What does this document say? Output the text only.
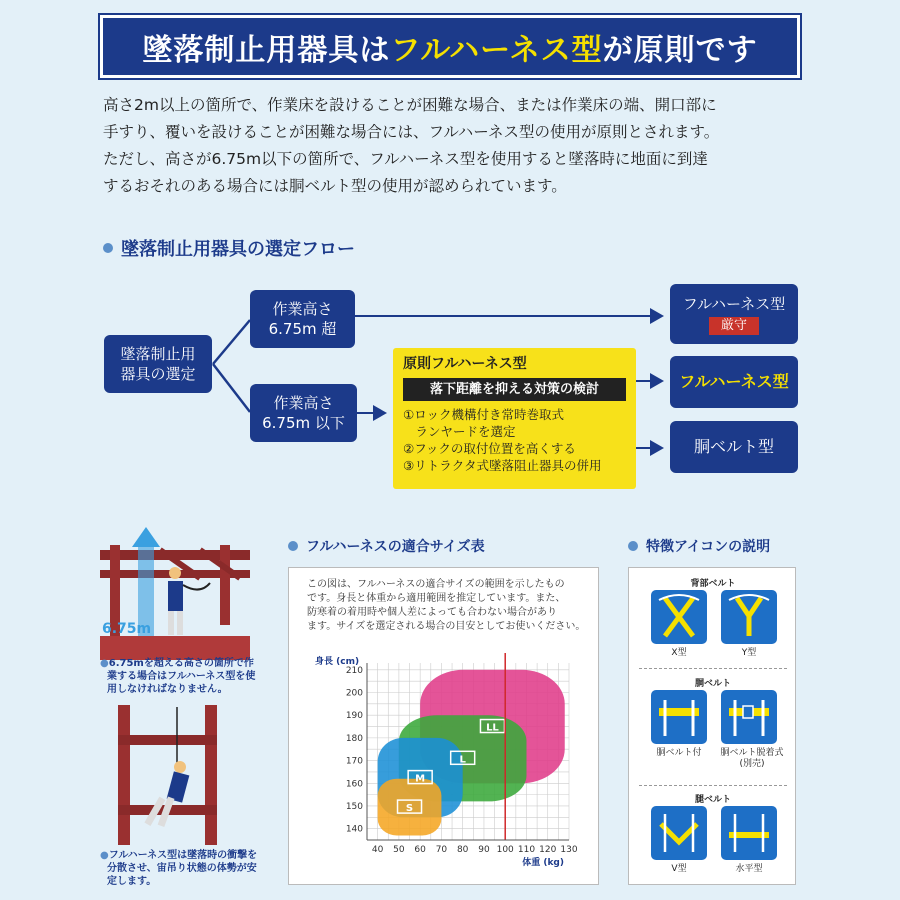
墜落制止用器具は フルハーネス型 が原則です
高さ2m以上の箇所で、作業床を設けることが困難な場合、または作業床の端、開口部に
手すり、覆いを設けることが困難な場合には、フルハーネス型の使用が原則とされます。
ただし、高さが6.75m以下の箇所で、フルハーネス型を使用すると墜落時に地面に到達
するおそれのある場合には胴ベルト型の使用が認められています。
墜落制止用器具の選定フロー
墜落制止用
器具の選定
作業高さ
6.75m 超
作業高さ
6.75m 以下
フルハーネス型
厳守
フルハーネス型
胴ベルト型
原則フルハーネス型
落下距離を抑える対策の検討
①ロック機構付き常時巻取式
　ランヤードを選定
②フックの取付位置を高くする
③リトラクタ式墜落阻止器具の併用
6.75m
●6.75mを超える高さの箇所で作
業する場合はフルハーネス型を使
用しなければなりません。
●フルハーネス型は墜落時の衝撃を
分散させ、宙吊り状態の体勢が安
定します。
フルハーネスの適合サイズ表
この図は、フルハーネスの適合サイズの範囲を示したもの
です。身長と体重から適用範囲を推定しています。また、
防寒着の着用時や個人差によっても合わない場合があり
ます。サイズを選定される場合の目安としてお使いください。
S
M
L
LL
40 50 60 70 80 90 100 110 120 130
140
150
160
170
180
190
200
210
身長 (cm)
体重 (kg)
特徴アイコンの説明
背部ベルト
X型	Y型
胴ベルト
胴ベルト付	胴ベルト脱着式
(別売)
腿ベルト
V型	水平型
